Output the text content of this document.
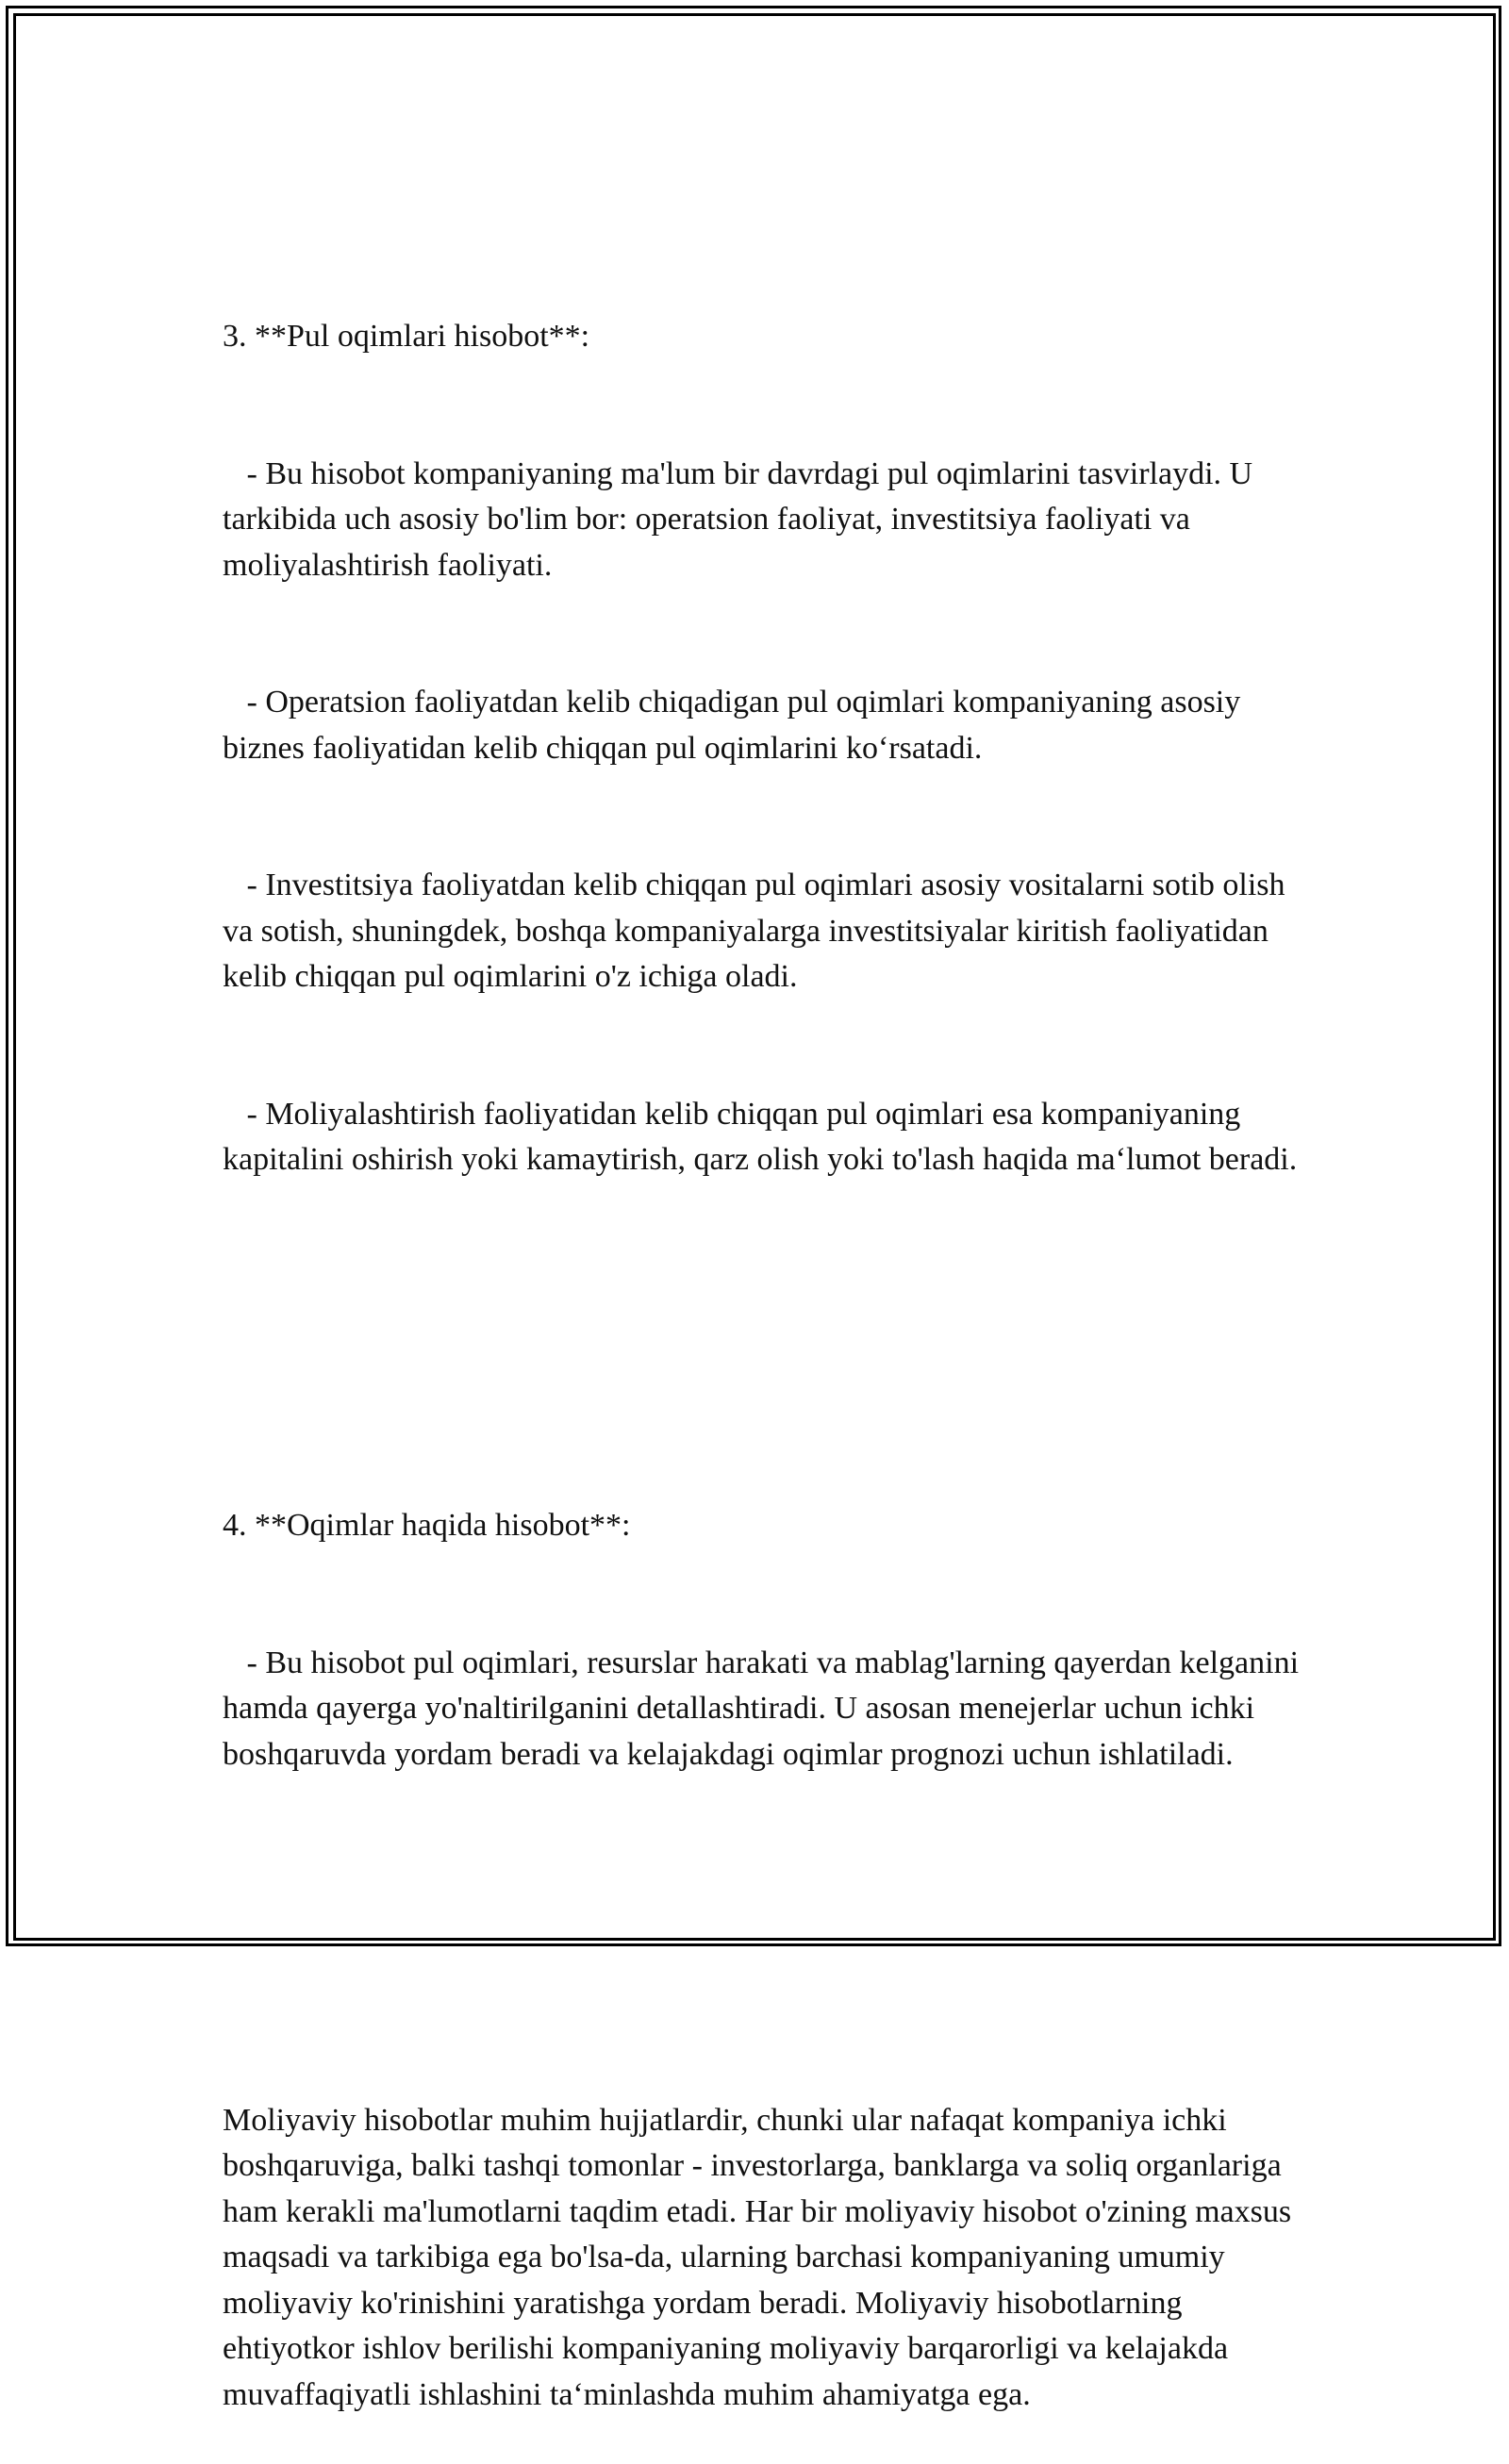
3. **Pul oqimlari hisobot**:

- Bu hisobot kompaniyaning ma'lum bir davrdagi pul oqimlarini tasvirlaydi. U tarkibida uch asosiy bo'lim bor: operatsion faoliyat, investitsiya faoliyati va moliyalashtirish faoliyati.

- Operatsion faoliyatdan kelib chiqadigan pul oqimlari kompaniyaning asosiy biznes faoliyatidan kelib chiqqan pul oqimlarini ko‘rsatadi.

- Investitsiya faoliyatdan kelib chiqqan pul oqimlari asosiy vositalarni sotib olish va sotish, shuningdek, boshqa kompaniyalarga investitsiyalar kiritish faoliyatidan kelib chiqqan pul oqimlarini o'z ichiga oladi.

- Moliyalashtirish faoliyatidan kelib chiqqan pul oqimlari esa kompaniyaning kapitalini oshirish yoki kamaytirish, qarz olish yoki to'lash haqida ma‘lumot beradi.

4. **Oqimlar haqida hisobot**:

- Bu hisobot pul oqimlari, resurslar harakati va mablag'larning qayerdan kelganini hamda qayerga yo'naltirilganini detallashtiradi. U asosan menejerlar uchun ichki boshqaruvda yordam beradi va kelajakdagi oqimlar prognozi uchun ishlatiladi.

Moliyaviy hisobotlar muhim hujjatlardir, chunki ular nafaqat kompaniya ichki boshqaruviga, balki tashqi tomonlar - investorlarga, banklarga va soliq organlariga ham kerakli ma'lumotlarni taqdim etadi. Har bir moliyaviy hisobot o'zining maxsus maqsadi va tarkibiga ega bo'lsa-da, ularning barchasi kompaniyaning umumiy moliyaviy ko'rinishini yaratishga yordam beradi. Moliyaviy hisobotlarning ehtiyotkor ishlov berilishi kompaniyaning moliyaviy barqarorligi va kelajakda muvaffaqiyatli ishlashini ta‘minlashda muhim ahamiyatga ega.
